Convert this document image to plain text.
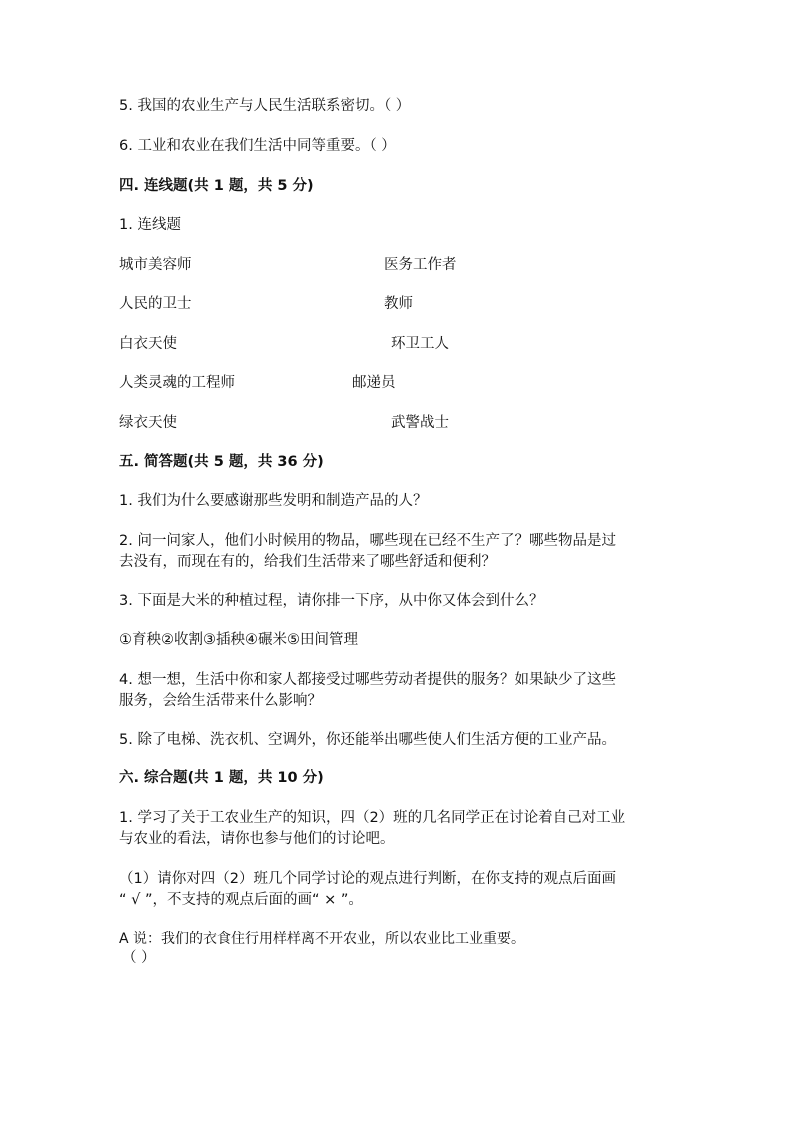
5. 我国的农业生产与人民生活联系密切。（ ）
6. 工业和农业在我们生活中同等重要。（ ）
四. 连线题(共 1 题，共 5 分)
1. 连线题
城市美容师	医务工作者
人民的卫士	教师
白衣天使	环卫工人
人类灵魂的工程师	邮递员
绿衣天使	武警战士
五. 简答题(共 5 题，共 36 分)
1. 我们为什么要感谢那些发明和制造产品的人？
2. 问一问家人，他们小时候用的物品，哪些现在已经不生产了？哪些物品是过
去没有，而现在有的，给我们生活带来了哪些舒适和便利？
3. 下面是大米的种植过程，请你排一下序，从中你又体会到什么？
①育秧②收割③插秧④碾米⑤田间管理
4. 想一想，生活中你和家人都接受过哪些劳动者提供的服务？如果缺少了这些
服务，会给生活带来什么影响？
5. 除了电梯、洗衣机、空调外，你还能举出哪些使人们生活方便的工业产品。
六. 综合题(共 1 题，共 10 分)
1. 学习了关于工农业生产的知识，四（2）班的几名同学正在讨论着自己对工业
与农业的看法，请你也参与他们的讨论吧。
（1）请你对四（2）班几个同学讨论的观点进行判断，在你支持的观点后面画
“ √ ”，不支持的观点后面的画“ × ”。
A 说：我们的衣食住行用样样离不开农业，所以农业比工业重要。
（ ）
